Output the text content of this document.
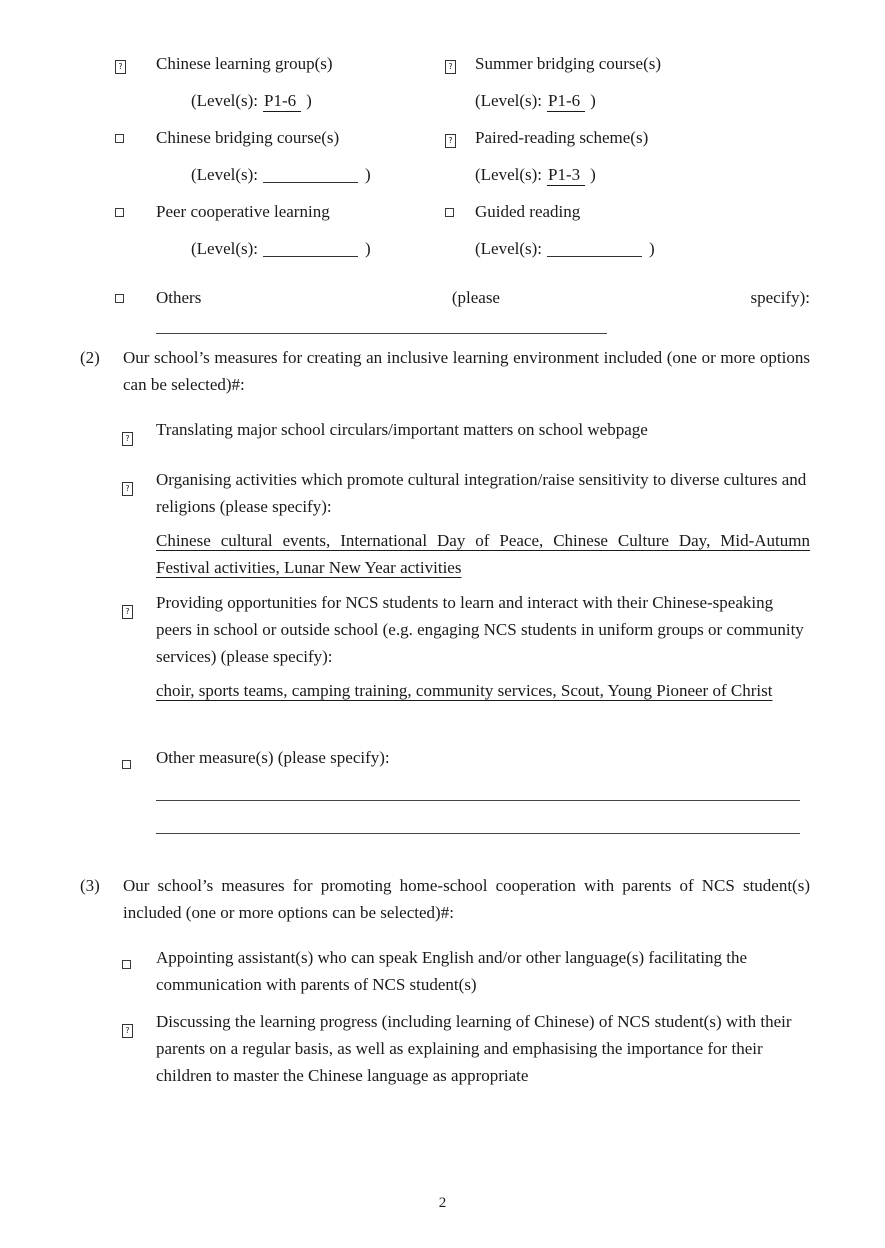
?	Chinese learning group(s)
(Level(s): P1-6 )
?	Summer bridging course(s)
(Level(s): P1-6 )
Chinese bridging course(s)
(Level(s):	)
?	Paired-reading scheme(s)
(Level(s): P1-3 )
Peer cooperative learning
(Level(s):	)
Guided reading
(Level(s):	)
Others	(please	specify):
(2)	Our school’s measures for creating an inclusive learning environment included (one or more options can be selected)#:
?	Translating major school circulars/important matters on school webpage
?	Organising activities which promote cultural integration/raise sensitivity to diverse cultures and religions (please specify):
Chinese cultural events, International Day of Peace, Chinese Culture Day, Mid-Autumn Festival activities, Lunar New Year activities
?	Providing opportunities for NCS students to learn and interact with their Chinese-speaking peers in school or outside school (e.g. engaging NCS students in uniform groups or community services) (please specify):
choir, sports teams, camping training, community services, Scout, Young Pioneer of Christ
Other measure(s) (please specify):
(3)	Our school’s measures for promoting home-school cooperation with parents of NCS student(s) included (one or more options can be selected)#:
Appointing assistant(s) who can speak English and/or other language(s) facilitating the communication with parents of NCS student(s)
?	Discussing the learning progress (including learning of Chinese) of NCS student(s) with their parents on a regular basis, as well as explaining and emphasising the importance for their children to master the Chinese language as appropriate
2
